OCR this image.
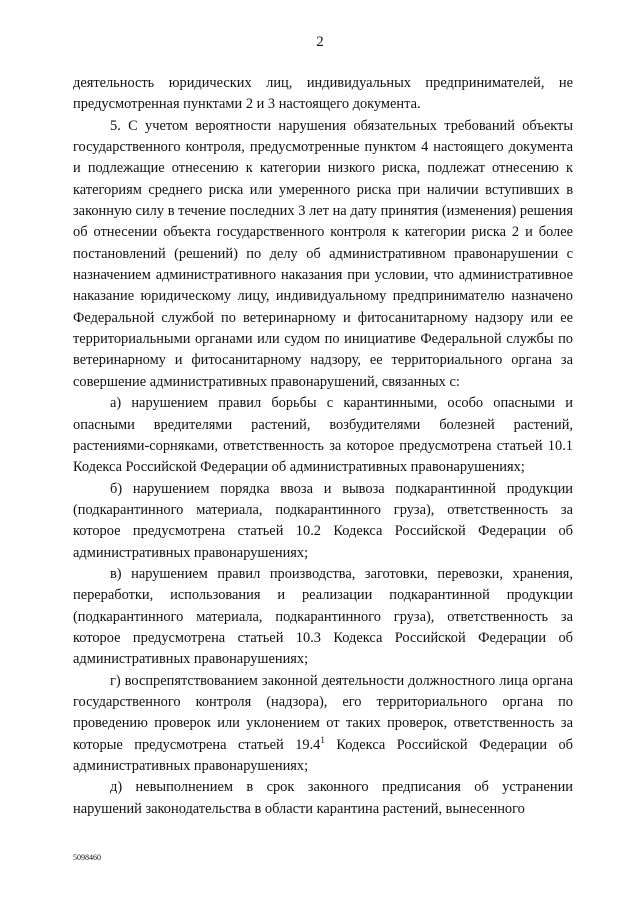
2

деятельность юридических лиц, индивидуальных предпринимателей, не предусмотренная пунктами 2 и 3 настоящего документа.

5. С учетом вероятности нарушения обязательных требований объекты государственного контроля, предусмотренные пунктом 4 настоящего документа и подлежащие отнесению к категории низкого риска, подлежат отнесению к категориям среднего риска или умеренного риска при наличии вступивших в законную силу в течение последних 3 лет на дату принятия (изменения) решения об отнесении объекта государственного контроля к категории риска 2 и более постановлений (решений) по делу об административном правонарушении с назначением административного наказания при условии, что административное наказание юридическому лицу, индивидуальному предпринимателю назначено Федеральной службой по ветеринарному и фитосанитарному надзору или ее территориальными органами или судом по инициативе Федеральной службы по ветеринарному и фитосанитарному надзору, ее территориального органа за совершение административных правонарушений, связанных с:

а) нарушением правил борьбы с карантинными, особо опасными и опасными вредителями растений, возбудителями болезней растений, растениями-сорняками, ответственность за которое предусмотрена статьей 10.1 Кодекса Российской Федерации об административных правонарушениях;

б) нарушением порядка ввоза и вывоза подкарантинной продукции (подкарантинного материала, подкарантинного груза), ответственность за которое предусмотрена статьей 10.2 Кодекса Российской Федерации об административных правонарушениях;

в) нарушением правил производства, заготовки, перевозки, хранения, переработки, использования и реализации подкарантинной продукции (подкарантинного материала, подкарантинного груза), ответственность за которое предусмотрена статьей 10.3 Кодекса Российской Федерации об административных правонарушениях;

г) воспрепятствованием законной деятельности должностного лица органа государственного контроля (надзора), его территориального органа по проведению проверок или уклонением от таких проверок, ответственность за которые предусмотрена статьей 19.4$^1$ Кодекса Российской Федерации об административных правонарушениях;

д) невыполнением в срок законного предписания об устранении нарушений законодательства в области карантина растений, вынесенного

5098460
